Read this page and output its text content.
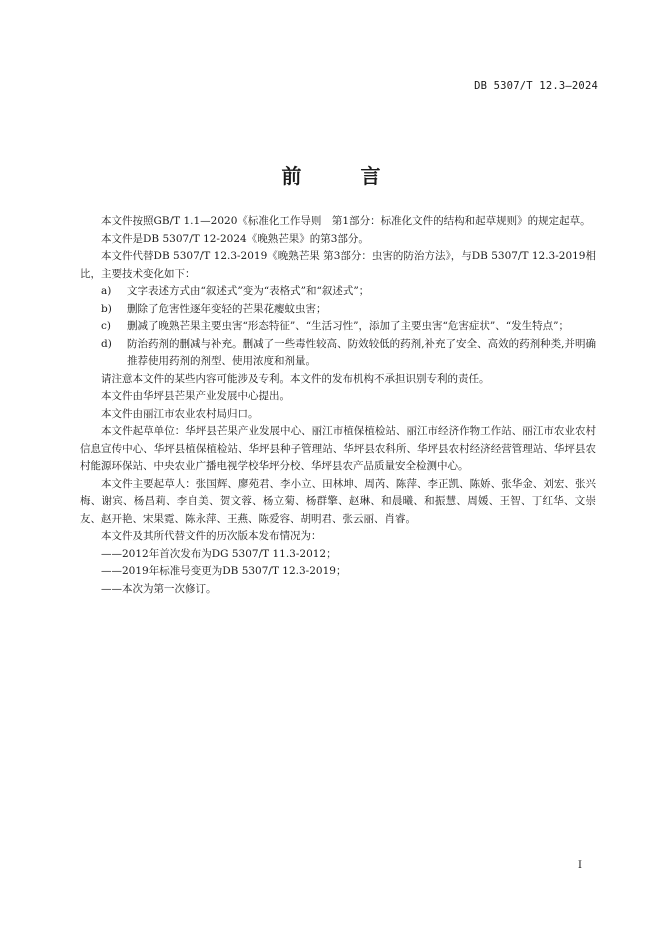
DB 5307/T 12.3—2024
前 言

本文件按照GB/T 1.1—2020《标准化工作导则　第1部分：标准化文件的结构和起草规则》的规定起草。

本文件是DB 5307/T 12-2024《晚熟芒果》的第3部分。

本文件代替DB 5307/T 12.3-2019《晚熟芒果 第3部分：虫害的防治方法》，与DB 5307/T 12.3-2019相比，主要技术变化如下：

a)	文字表述方式由“叙述式”变为“表格式”和“叙述式”；
b)	删除了危害性逐年变轻的芒果花瘿蚊虫害；
c)	删减了晚熟芒果主要虫害“形态特征”、“生活习性”，添加了主要虫害“危害症状”、“发生特点”；
d)	防治药剂的删减与补充。删减了一些毒性较高、防效较低的药剂,补充了安全、高效的药剂种类,并明确推荐使用药剂的剂型、使用浓度和剂量。

请注意本文件的某些内容可能涉及专利。本文件的发布机构不承担识别专利的责任。

本文件由华坪县芒果产业发展中心提出。

本文件由丽江市农业农村局归口。

本文件起草单位：华坪县芒果产业发展中心、丽江市植保植检站、丽江市经济作物工作站、丽江市农业农村信息宣传中心、华坪县植保植检站、华坪县种子管理站、华坪县农科所、华坪县农村经济经营管理站、华坪县农村能源环保站、中央农业广播电视学校华坪分校、华坪县农产品质量安全检测中心。

本文件主要起草人：张国辉、廖苑君、李小立、田林坤、周芮、陈萍、李正凯、陈娇、张华金、刘宏、张兴梅、谢宾、杨昌莉、李自美、贺文蓉、杨立菊、杨群擎、赵琳、和晨曦、和振慧、周媛、王智、丁红华、文崇友、赵开艳、宋果霓、陈永萍、王燕、陈爱容、胡明君、张云丽、肖睿。

本文件及其所代替文件的历次版本发布情况为：

——2012年首次发布为DG 5307/T 11.3-2012；

——2019年标准号变更为DB 5307/T 12.3-2019；

——本次为第一次修订。

I
